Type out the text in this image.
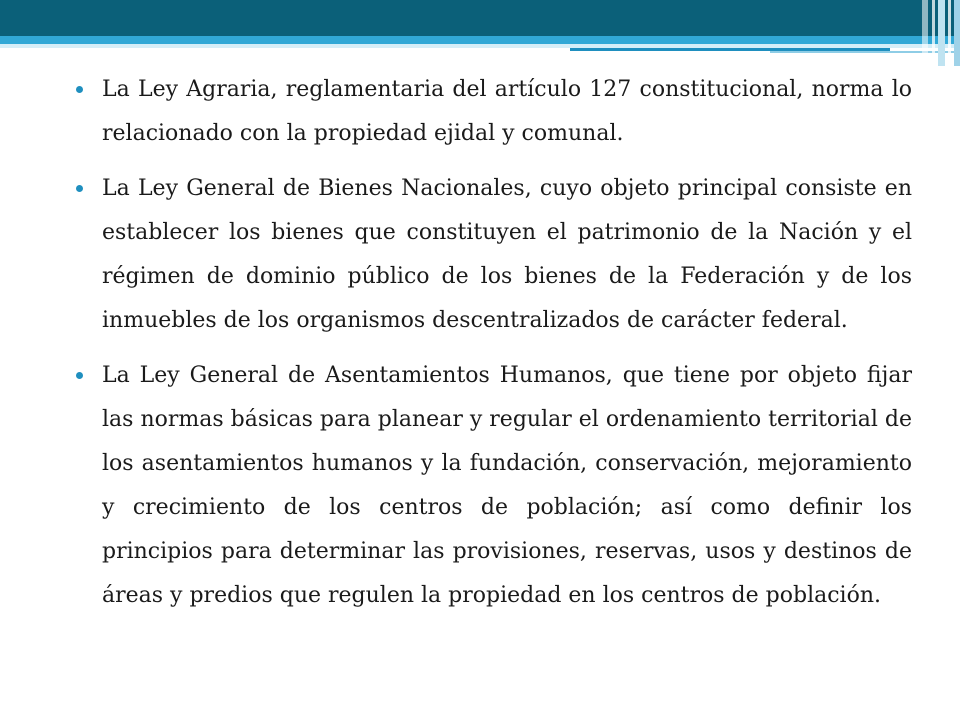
La Ley Agraria, reglamentaria del artículo 127 constitucional, norma lo relacionado con la propiedad ejidal y comunal.
La Ley General de Bienes Nacionales, cuyo objeto principal consiste en establecer los bienes que constituyen el patrimonio de la Nación y el régimen de dominio público de los bienes de la Federación y de los inmuebles de los organismos descentralizados de carácter federal.
La Ley General de Asentamientos Humanos, que tiene por objeto fijar las normas básicas para planear y regular el ordenamiento territorial de los asentamientos humanos y la fundación, conservación, mejoramiento y crecimiento de los centros de población; así como definir los principios para determinar las provisiones, reservas, usos y destinos de áreas y predios que regulen la propiedad en los centros de población.
